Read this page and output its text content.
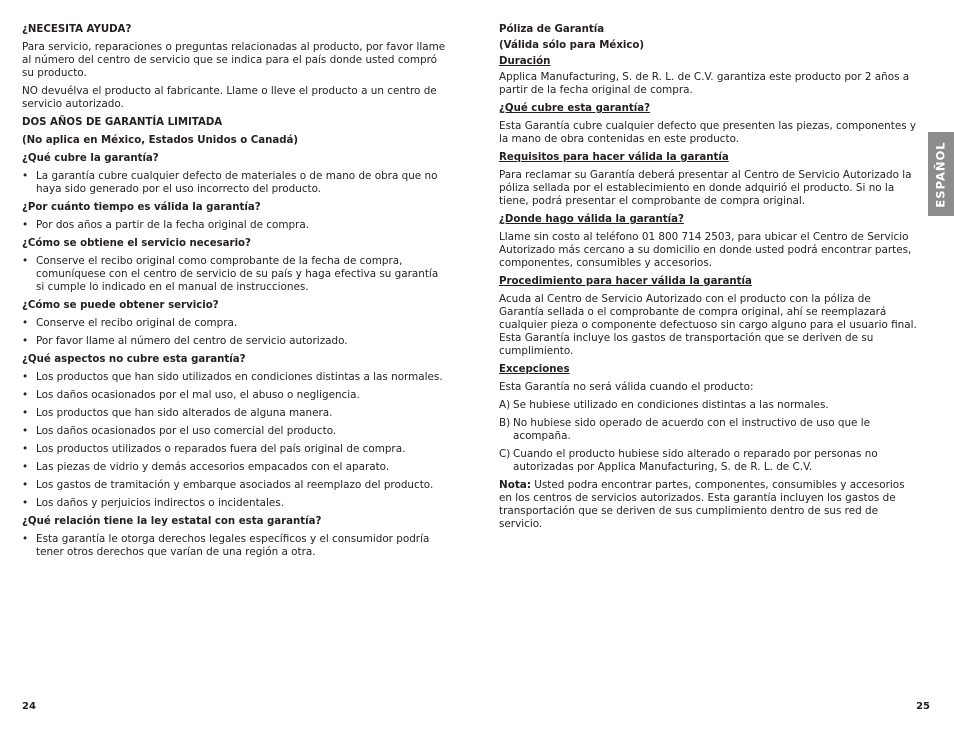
¿NECESITA AYUDA?

Para servicio, reparaciones o preguntas relacionadas al producto, por favor llame al número del centro de servicio que se indica para el país donde usted compró su producto.

NO devuélva el producto al fabricante. Llame o lleve el producto a un centro de servicio autorizado.

DOS AÑOS DE GARANTÍA LIMITADA
(No aplica en México, Estados Unidos o Canadá)
¿Qué cubre la garantía?
• La garantía cubre cualquier defecto de materiales o de mano de obra que no haya sido generado por el uso incorrecto del producto.
¿Por cuánto tiempo es válida la garantía?
• Por dos años a partir de la fecha original de compra.
¿Cómo se obtiene el servicio necesario?
• Conserve el recibo original como comprobante de la fecha de compra, comuníquese con el centro de servicio de su país y haga efectiva su garantía si cumple lo indicado en el manual de instrucciones.
¿Cómo se puede obtener servicio?
• Conserve el recibo original de compra.
• Por favor llame al número del centro de servicio autorizado.
¿Qué aspectos no cubre esta garantía?
• Los productos que han sido utilizados en condiciones distintas a las normales.
• Los daños ocasionados por el mal uso, el abuso o negligencia.
• Los productos que han sido alterados de alguna manera.
• Los daños ocasionados por el uso comercial del producto.
• Los productos utilizados o reparados fuera del país original de compra.
• Las piezas de vidrio y demás accesorios empacados con el aparato.
• Los gastos de tramitación y embarque asociados al reemplazo del producto.
• Los daños y perjuicios indirectos o incidentales.
¿Qué relación tiene la ley estatal con esta garantía?
• Esta garantía le otorga derechos legales específicos y el consumidor podría tener otros derechos que varían de una región a otra.
Póliza de Garantía
(Válida sólo para México)
Duración

Applica Manufacturing, S. de R. L. de C.V. garantiza este producto por 2 años a partir de la fecha original de compra.

¿Qué cubre esta garantía?

Esta Garantía cubre cualquier defecto que presenten las piezas, componentes y la mano de obra contenidas en este producto.

Requisitos para hacer válida la garantía

Para reclamar su Garantía deberá presentar al Centro de Servicio Autorizado la póliza sellada por el establecimiento en donde adquirió el producto. Si no la tiene, podrá presentar el comprobante de compra original.

¿Donde hago válida la garantía?

Llame sin costo al teléfono 01 800 714 2503, para ubicar el Centro de Servicio Autorizado más cercano a su domicilio en donde usted podrá encontrar partes, componentes, consumibles y accesorios.

Procedimiento para hacer válida la garantía

Acuda al Centro de Servicio Autorizado con el producto con la póliza de Garantía sellada o el comprobante de compra original, ahí se reemplazará cualquier pieza o componente defectuoso sin cargo alguno para el usuario final. Esta Garantía incluye los gastos de transportación que se deriven de su cumplimiento.

Excepciones

Esta Garantía no será válida cuando el producto:

A) Se hubiese utilizado en condiciones distintas a las normales.
B) No hubiese sido operado de acuerdo con el instructivo de uso que le acompaña.
C) Cuando el producto hubiese sido alterado o reparado por personas no autorizadas por Applica Manufacturing, S. de R. L. de C.V.

Nota: Usted podra encontrar partes, componentes, consumibles y accesorios en los centros de servicios autorizados. Esta garantía incluyen los gastos de transportación que se deriven de sus cumplimiento dentro de sus red de servicio.

ESPAÑOL
24	25
